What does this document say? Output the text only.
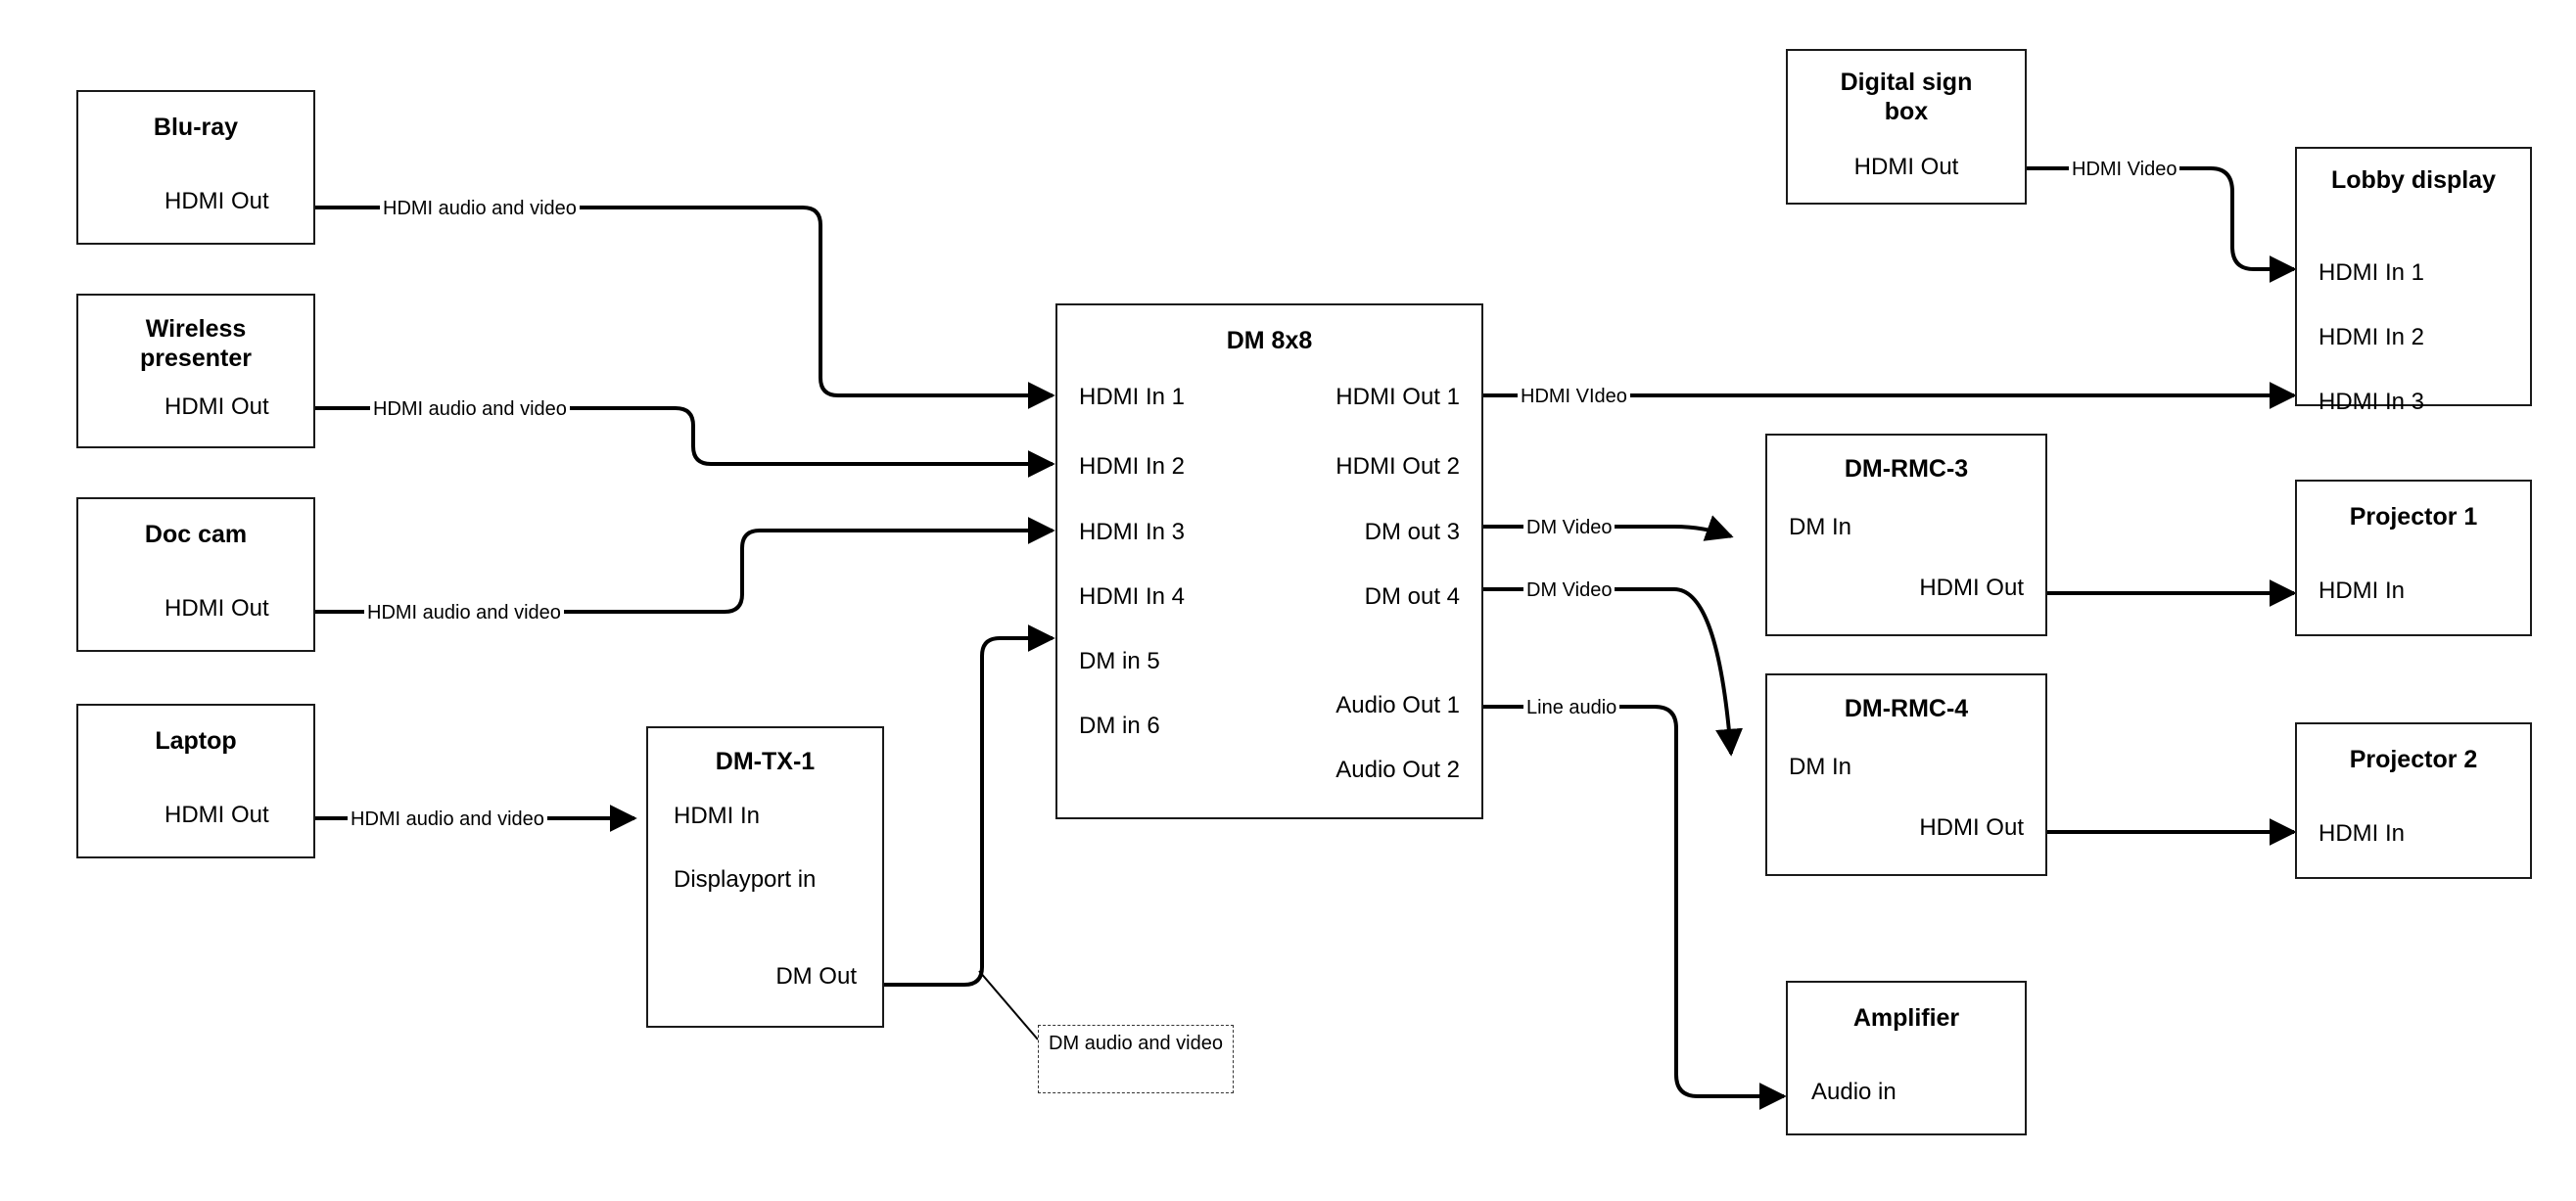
Blu-ray
HDMI Out
Wireless presenter
HDMI Out
Doc cam
HDMI Out
Laptop
HDMI Out
DM-TX-1
HDMI In
Displayport in
DM Out
DM 8x8
HDMI In 1
HDMI In 2
HDMI In 3
HDMI In 4
DM in 5
DM in 6
HDMI Out 1
HDMI Out 2
DM out 3
DM out 4
Audio Out 1
Audio Out 2
Digital sign box
HDMI Out	Lobby display
HDMI In 1
HDMI In 2
HDMI In 3
DM-RMC-3
DM In
HDMI Out
DM-RMC-4
DM In
HDMI Out
Projector 1
HDMI In
Projector 2
HDMI In
Amplifier
Audio in
HDMI audio and video
HDMI audio and video
HDMI audio and video
HDMI audio and video
HDMI VIdeo
HDMI Video
DM Video
DM Video
Line audio
DM audio and video
